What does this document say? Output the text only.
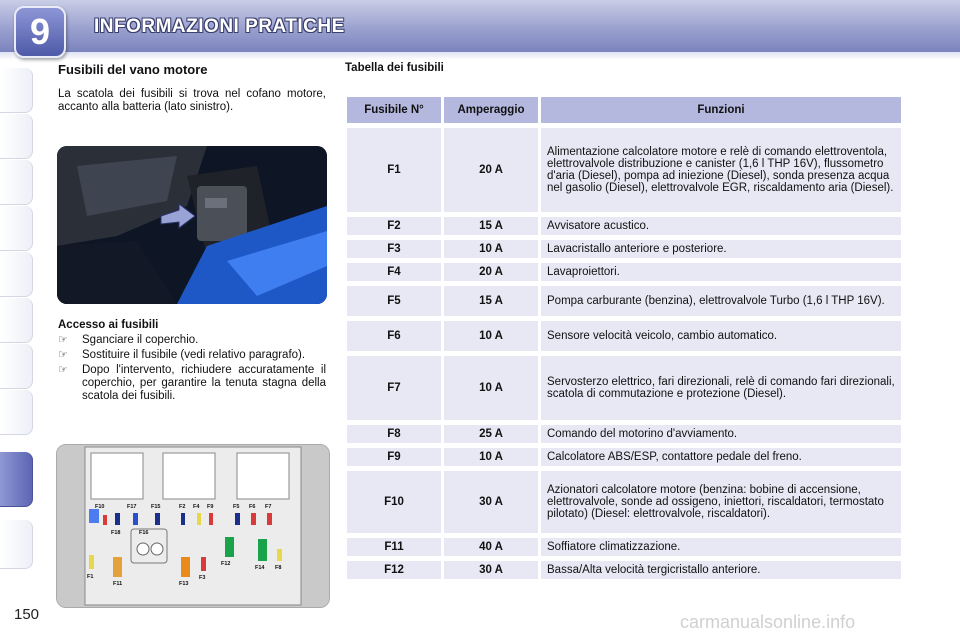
9	INFORMAZIONI PRATICHE
Fusibili del vano motore
La scatola dei fusibili si trova nel cofano motore, accanto alla batteria (lato sinistro).
Accesso ai fusibili
☞ Sganciare il coperchio.
☞ Sostituire il fusibile (vedi relativo paragrafo).
☞ Dopo l'intervento, richiudere accuratamente il coperchio, per garantire la tenuta stagna della scatola dei fusibili.
F10	F17	F15	F2 F4 F9	F5 F6 F7
F18	F16
F12
F14 F8
F1
F11	F13
F3
150
Tabella dei fusibili
Fusibile N°	Amperaggio	Funzioni
F1	20 A	Alimentazione calcolatore motore e relè di comando elettroventola, elettrovalvole distribuzione e canister (1,6 l THP 16V), flussometro d'aria (Diesel), pompa ad iniezione (Diesel), sonda presenza acqua nel gasolio (Diesel), elettrovalvole EGR, riscaldamento aria (Diesel).
F2	15 A	Avvisatore acustico.
F3	10 A	Lavacristallo anteriore e posteriore.
F4	20 A	Lavaproiettori.
F5	15 A	Pompa carburante (benzina), elettrovalvole Turbo (1,6 l THP 16V).
F6	10 A	Sensore velocità veicolo, cambio automatico.
F7	10 A	Servosterzo elettrico, fari direzionali, relè di comando fari direzionali, scatola di commutazione e protezione (Diesel).
F8	25 A	Comando del motorino d'avviamento.
F9	10 A	Calcolatore ABS/ESP, contattore pedale del freno.
F10	30 A	Azionatori calcolatore motore (benzina: bobine di accensione, elettrovalvole, sonde ad ossigeno, iniettori, riscaldatori, termostato pilotato) (Diesel: elettrovalvole, riscaldatori).
F11	40 A	Soffiatore climatizzazione.
F12	30 A	Bassa/Alta velocità tergicristallo anteriore.
carmanualsonline.info
